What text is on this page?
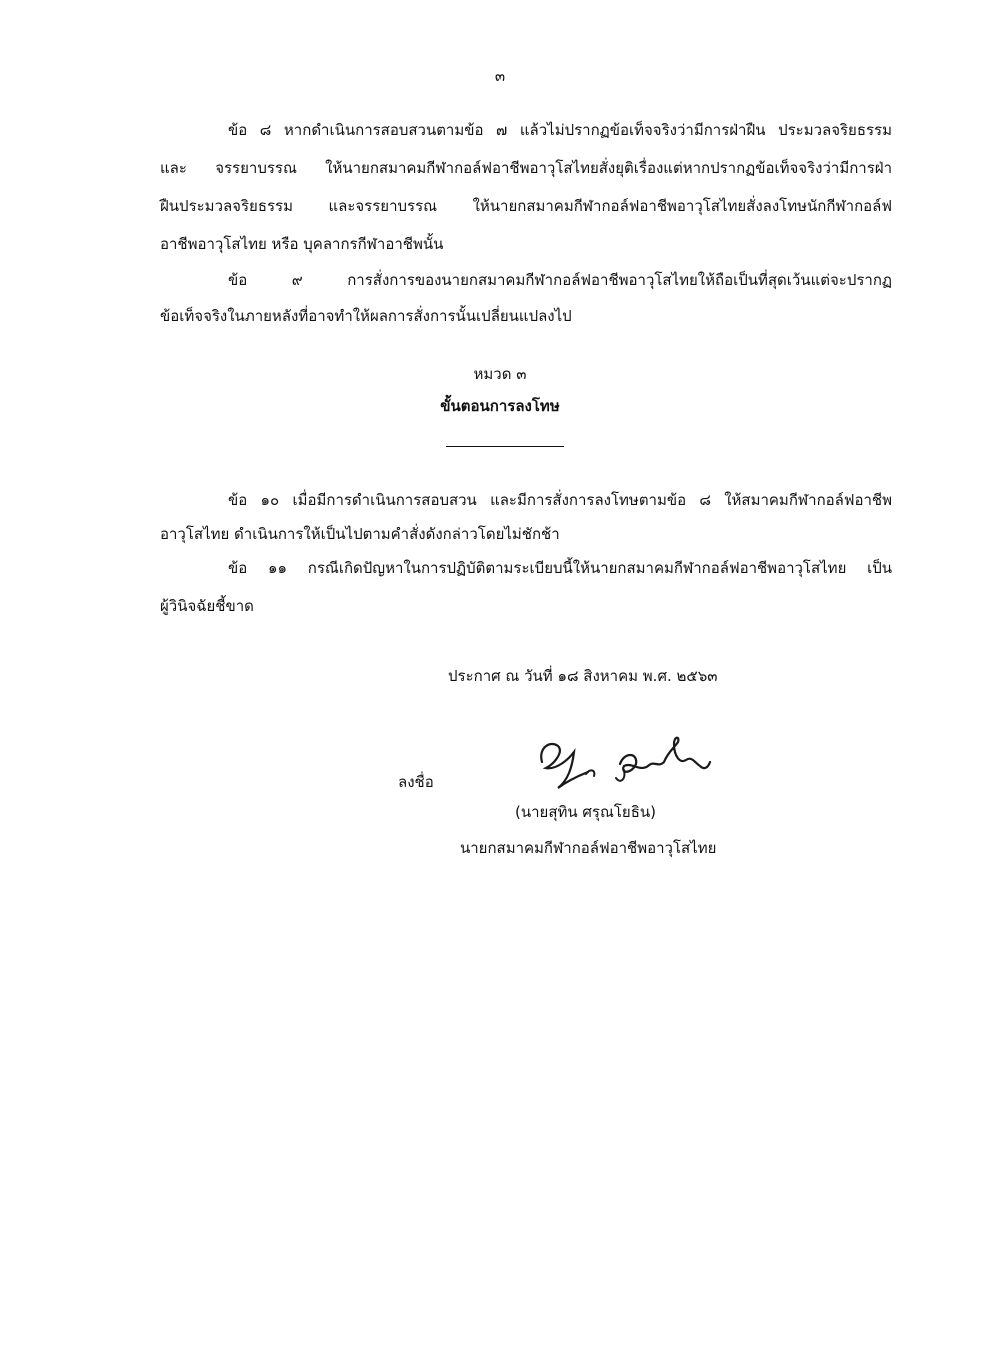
๓
ข้อ ๘ หากดำเนินการสอบสวนตามข้อ ๗ แล้วไม่ปรากฏข้อเท็จจริงว่ามีการฝ่าฝืน ประมวลจริยธรรม
และ จรรยาบรรณ ให้นายกสมาคมกีฬากอล์ฟอาชีพอาวุโสไทยสั่งยุติเรื่องแต่หากปรากฏข้อเท็จจริงว่ามีการฝ่า
ฝืนประมวลจริยธรรม และจรรยาบรรณ ให้นายกสมาคมกีฬากอล์ฟอาชีพอาวุโสไทยสั่งลงโทษนักกีฬากอล์ฟ
อาชีพอาวุโสไทย หรือ บุคลากรกีฬาอาชีพนั้น
ข้อ ๙ การสั่งการของนายกสมาคมกีฬากอล์ฟอาชีพอาวุโสไทยให้ถือเป็นที่สุดเว้นแต่จะปรากฏ
ข้อเท็จจริงในภายหลังที่อาจทำให้ผลการสั่งการนั้นเปลี่ยนแปลงไป
หมวด ๓
ขั้นตอนการลงโทษ
ข้อ ๑๐ เมื่อมีการดำเนินการสอบสวน และมีการสั่งการลงโทษตามข้อ ๘ ให้สมาคมกีฬากอล์ฟอาชีพ
อาวุโสไทย ดำเนินการให้เป็นไปตามคำสั่งดังกล่าวโดยไม่ชักช้า
ข้อ ๑๑ กรณีเกิดปัญหาในการปฏิบัติตามระเบียบนี้ให้นายกสมาคมกีฬากอล์ฟอาชีพอาวุโสไทย เป็น
ผู้วินิจฉัยชี้ขาด
ประกาศ ณ วันที่ ๑๘ สิงหาคม พ.ศ. ๒๕๖๓
ลงชื่อ
(นายสุทิน ศรุณโยธิน)
นายกสมาคมกีฬากอล์ฟอาชีพอาวุโสไทย
